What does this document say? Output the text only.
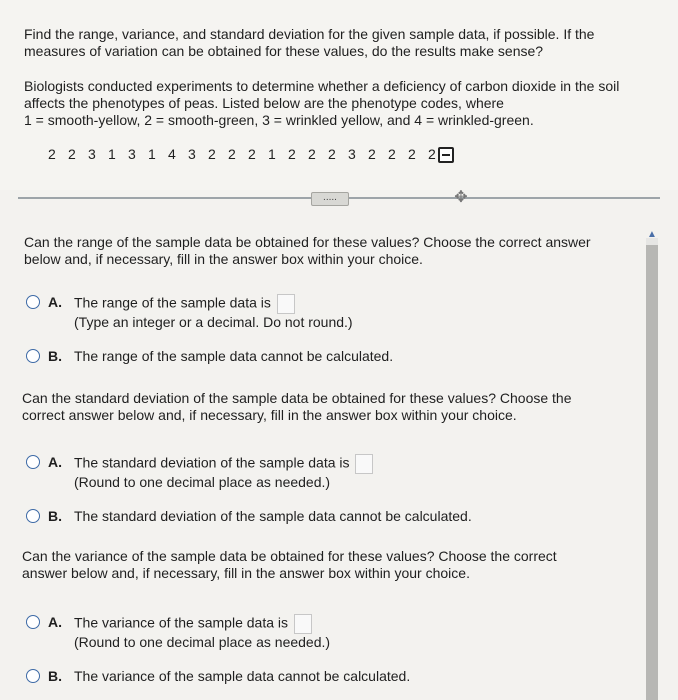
Find the range, variance, and standard deviation for the given sample data, if possible. If the

measures of variation can be obtained for these values, do the results make sense?

Biologists conducted experiments to determine whether a deficiency of carbon dioxide in the soil
affects the phenotypes of peas. Listed below are the phenotype codes, where
1 = smooth-yellow, 2 = smooth-green, 3 = wrinkled yellow, and 4 = wrinkled-green.
2 2 3 1 3 1 4 3 2 2 2 1 2 2 2 3 2 2 2 2
.....	✥
▲
Can the range of the sample data be obtained for these values? Choose the correct answer
below and, if necessary, fill in the answer box within your choice.
A. The range of the sample data is
(Type an integer or a decimal. Do not round.)
B. The range of the sample data cannot be calculated.
Can the standard deviation of the sample data be obtained for these values? Choose the
correct answer below and, if necessary, fill in the answer box within your choice.
A. The standard deviation of the sample data is
(Round to one decimal place as needed.)
B. The standard deviation of the sample data cannot be calculated.
Can the variance of the sample data be obtained for these values? Choose the correct
answer below and, if necessary, fill in the answer box within your choice.
A. The variance of the sample data is
(Round to one decimal place as needed.)
B. The variance of the sample data cannot be calculated.
